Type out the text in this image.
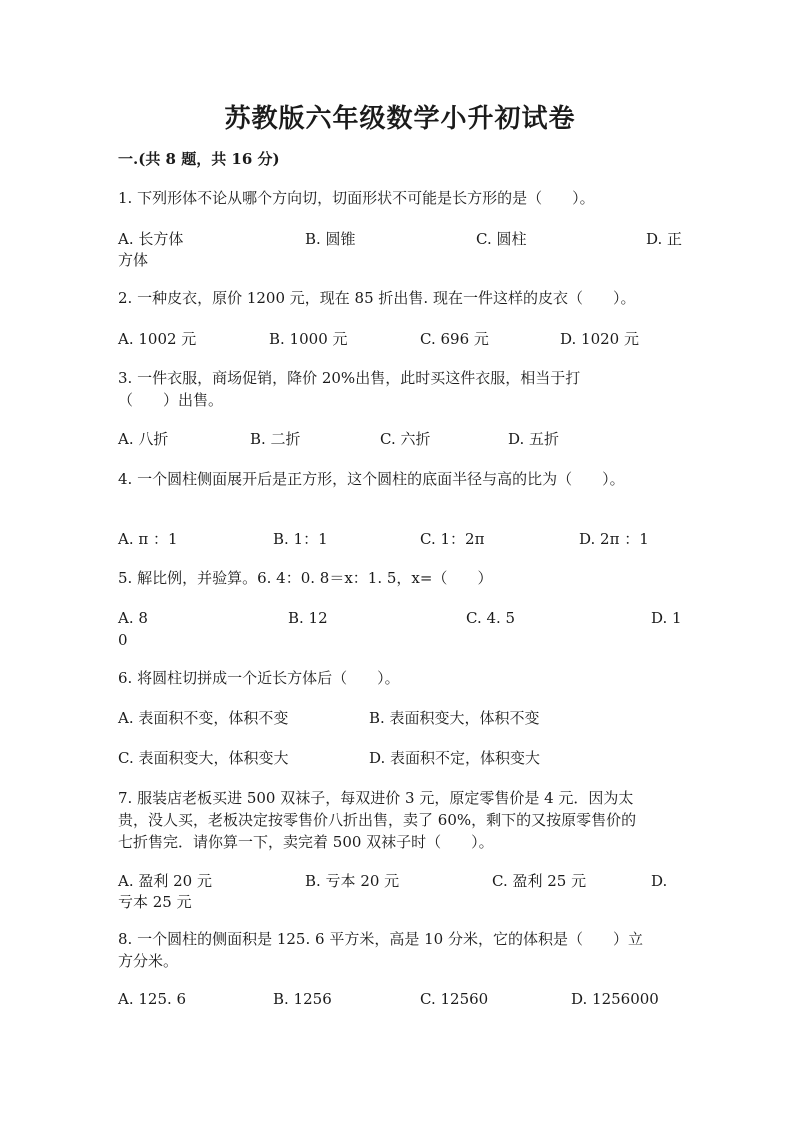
苏教版六年级数学小升初试卷
一.(共 8 题，共 16 分)
1. 下列形体不论从哪个方向切，切面形状不可能是长方形的是（　　）。
A. 长方体	B. 圆锥	C. 圆柱	D. 正
方体
2. 一种皮衣，原价 1200 元，现在 85 折出售. 现在一件这样的皮衣（　　）。
A. 1002 元	B. 1000 元	C. 696 元	D. 1020 元
3. 一件衣服，商场促销，降价 20%出售，此时买这件衣服，相当于打
（　　）出售。
A. 八折	B. 二折	C. 六折	D. 五折
4. 一个圆柱侧面展开后是正方形，这个圆柱的底面半径与高的比为（　　）。
A. π ：1	B. 1：1	C. 1：2π	D. 2π ：1
5. 解比例，并验算。6. 4：0. 8＝x：1. 5，x=（　　）
A. 8	B. 12	C. 4. 5	D. 1
0
6. 将圆柱切拼成一个近长方体后（　　）。
A. 表面积不变，体积不变	B. 表面积变大，体积不变
C. 表面积变大，体积变大	D. 表面积不定，体积变大
7. 服装店老板买进 500 双袜子，每双进价 3 元，原定零售价是 4 元．因为太
贵，没人买，老板决定按零售价八折出售，卖了 60%，剩下的又按原零售价的
七折售完．请你算一下，卖完着 500 双袜子时（　　）。
A. 盈利 20 元	B. 亏本 20 元	C. 盈利 25 元	D.
亏本 25 元
8. 一个圆柱的侧面积是 125. 6 平方米，高是 10 分米，它的体积是（　　）立
方分米。
A. 125. 6	B. 1256	C. 12560	D. 1256000
